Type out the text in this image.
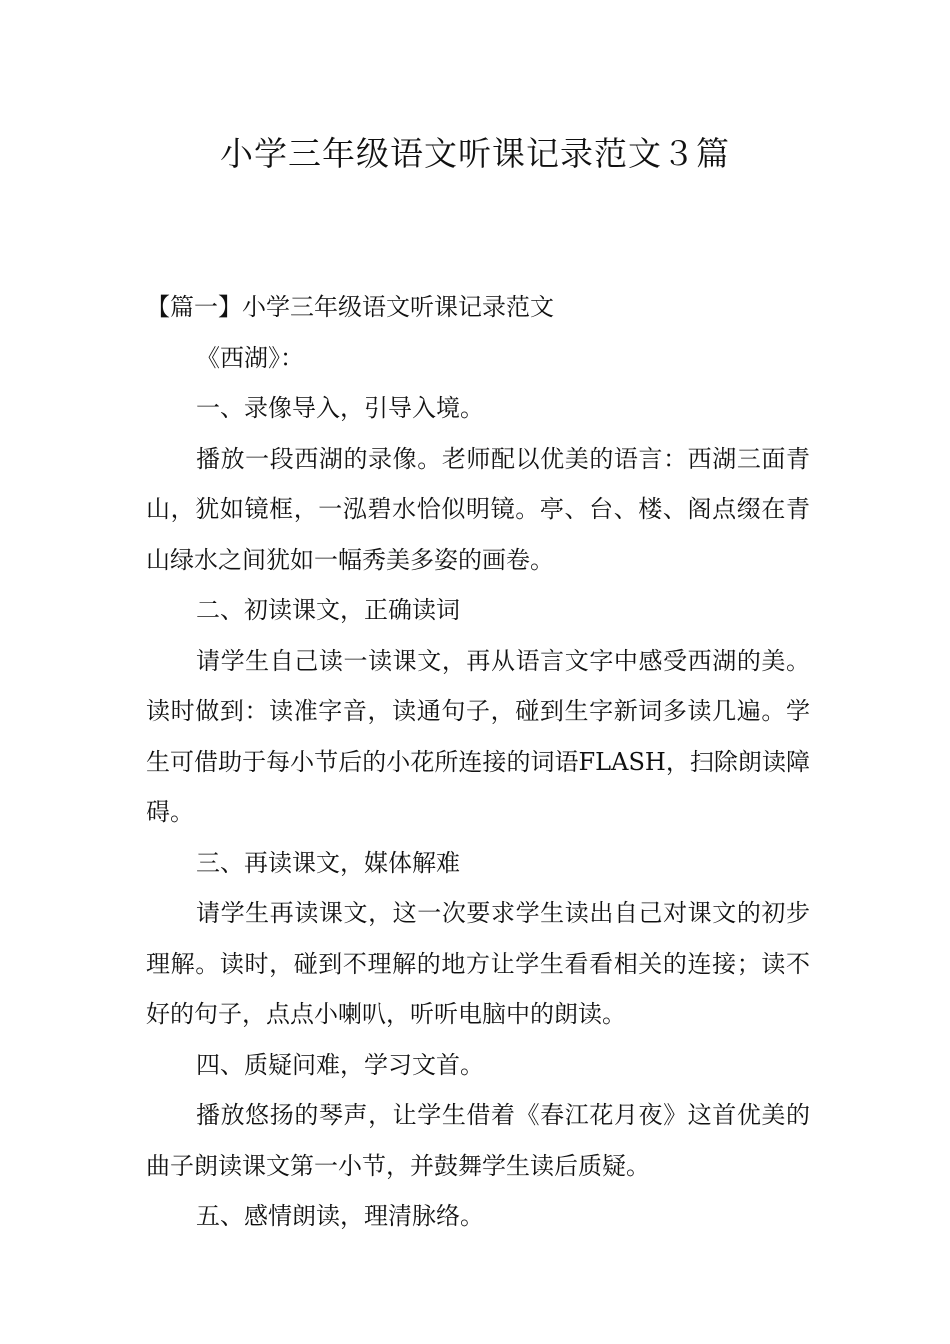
小学三年级语文听课记录范文３篇

【篇一】小学三年级语文听课记录范文

《西湖》：

一、录像导入，引导入境。

播放一段西湖的录像。老师配以优美的语言：西湖三面青山，犹如镜框，一泓碧水恰似明镜。亭、台、楼、阁点缀在青山绿水之间犹如一幅秀美多姿的画卷。

二、初读课文，正确读词

请学生自己读一读课文，再从语言文字中感受西湖的美。读时做到：读准字音，读通句子，碰到生字新词多读几遍。学生可借助于每小节后的小花所连接的词语FLASH，扫除朗读障碍。

三、再读课文，媒体解难

请学生再读课文，这一次要求学生读出自己对课文的初步理解。读时，碰到不理解的地方让学生看看相关的连接；读不好的句子，点点小喇叭，听听电脑中的朗读。

四、质疑问难，学习文首。

播放悠扬的琴声，让学生借着《春江花月夜》这首优美的曲子朗读课文第一小节，并鼓舞学生读后质疑。

五、感情朗读，理清脉络。
